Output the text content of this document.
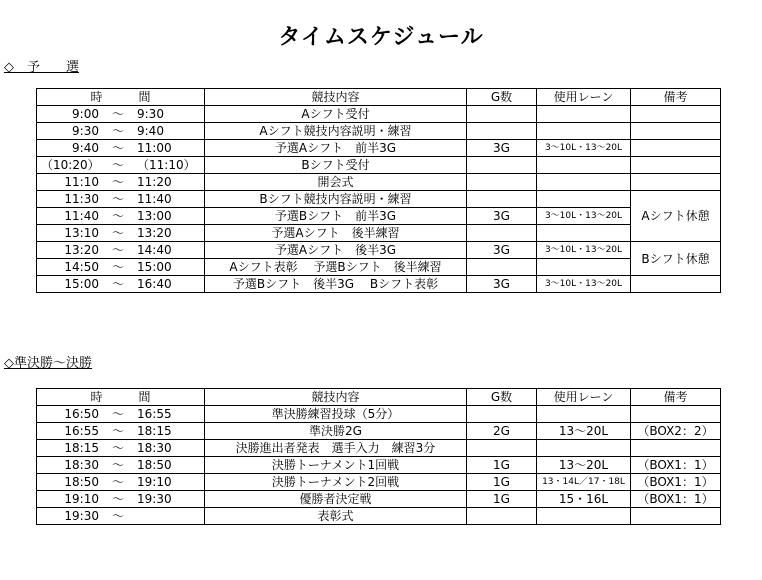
タイムスケジュール
◇　予　　選
時　　　間	競技内容	G数	使用レーン	備考

9:00 ～ 9:30	Aシフト受付			

9:30 ～ 9:40	Aシフト競技内容説明・練習			

9:40 ～ 11:00	予選Aシフト　前半3G	3G	3～10L・13～20L	

（10:20） ～ （11:10）	Bシフト受付			

11:10 ～ 11:20	開会式			

11:30 ～ 11:40	Bシフト競技内容説明・練習			Aシフト休憩

11:40 ～ 13:00	予選Bシフト　前半3G	3G	3～10L・13～20L	

13:10 ～ 13:20	予選Aシフト　後半練習			

13:20 ～ 14:40	予選Aシフト　後半3G	3G	3～10L・13～20L	Bシフト休憩

14:50 ～ 15:00	Aシフト表彰　 予選Bシフト　後半練習			

15:00 ～ 16:40	予選Bシフト　後半3G　 Bシフト表彰	3G	3～10L・13～20L	
◇準決勝～決勝
時　　　間	競技内容	G数	使用レーン	備考

16:50 ～ 16:55	準決勝練習投球（5分）			

16:55 ～ 18:15	準決勝2G	2G	13～20L	（BOX2：2）

18:15 ～ 18:30	決勝進出者発表　選手入力　練習3分			

18:30 ～ 18:50	決勝トーナメント1回戦	1G	13～20L	（BOX1：1）

18:50 ～ 19:10	決勝トーナメント2回戦	1G	13・14L／17・18L	（BOX1：1）

19:10 ～ 19:30	優勝者決定戦	1G	15・16L	（BOX1：1）

19:30 ～	表彰式			
